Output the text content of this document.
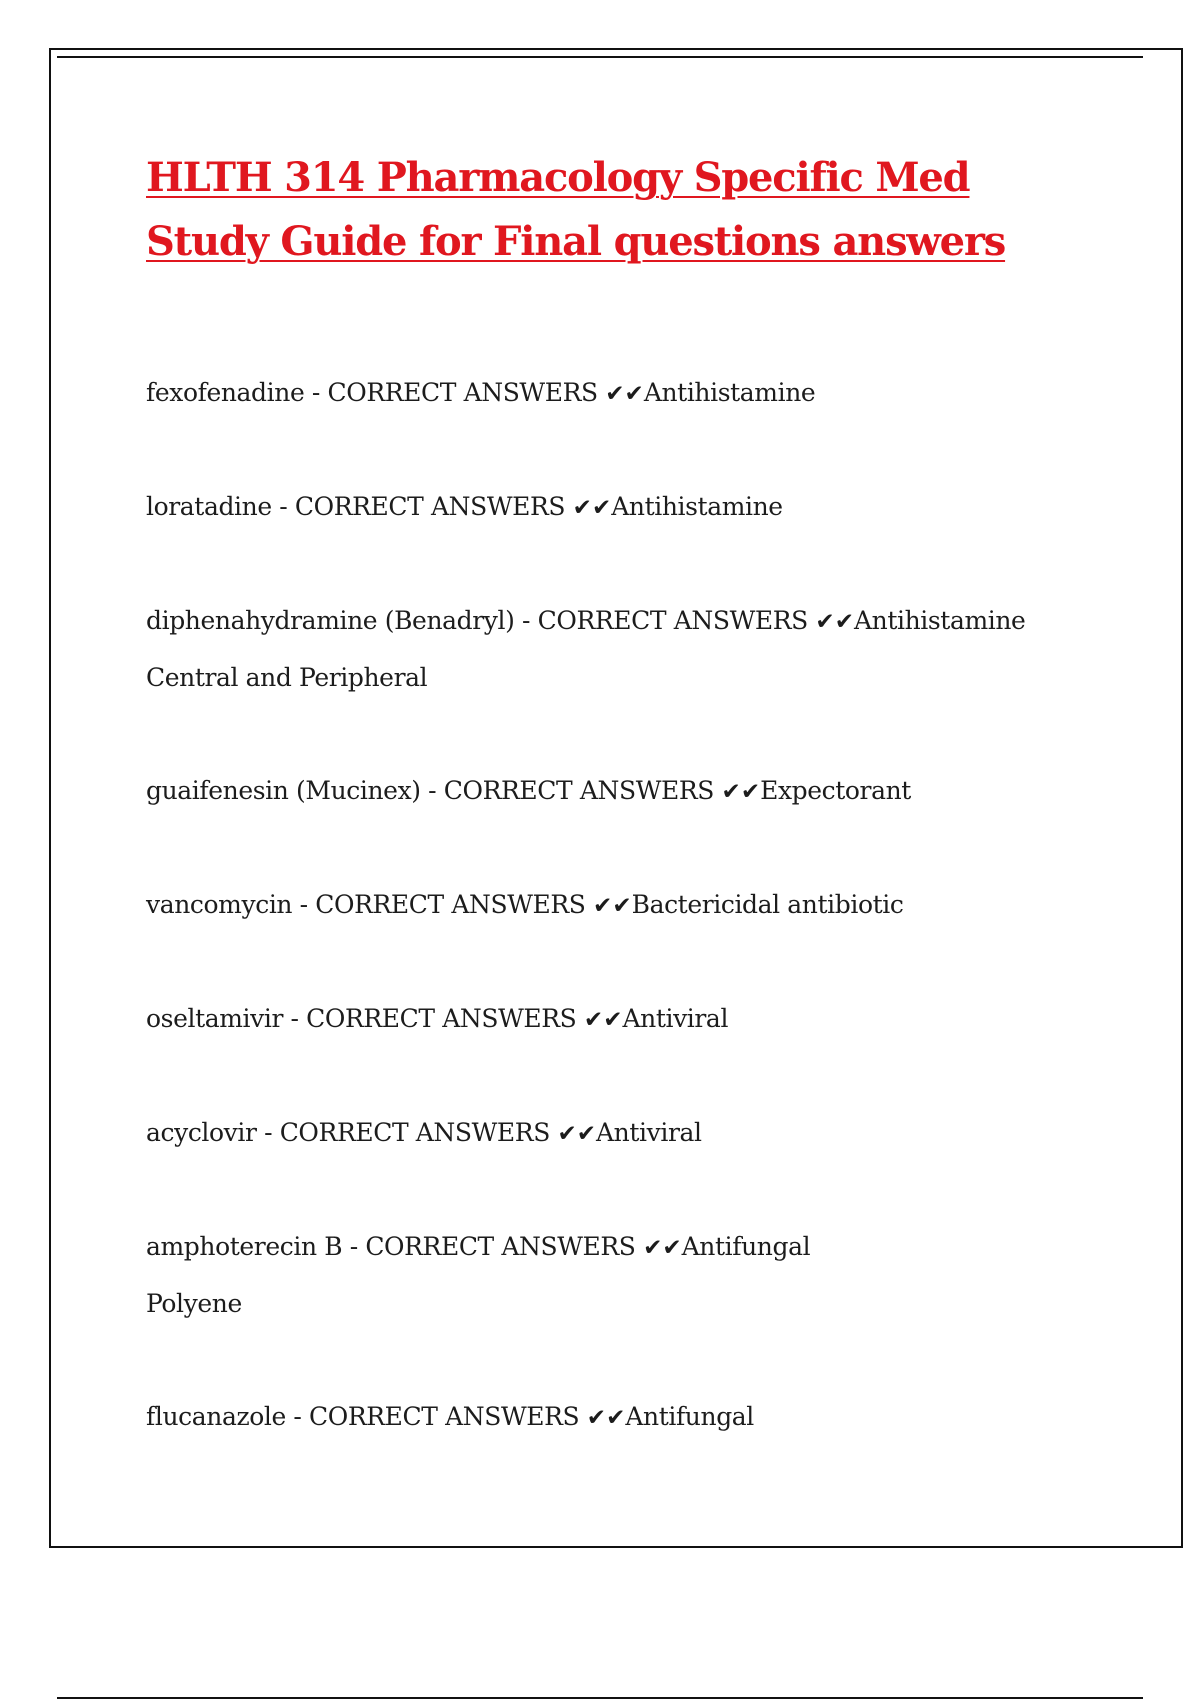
HLTH 314 Pharmacology Specific Med Study Guide for Final questions answers
fexofenadine - CORRECT ANSWERS ✔✔Antihistamine
loratadine - CORRECT ANSWERS ✔✔Antihistamine
diphenahydramine (Benadryl) - CORRECT ANSWERS ✔✔Antihistamine
Central and Peripheral
guaifenesin (Mucinex) - CORRECT ANSWERS ✔✔Expectorant
vancomycin - CORRECT ANSWERS ✔✔Bactericidal antibiotic
oseltamivir - CORRECT ANSWERS ✔✔Antiviral
acyclovir - CORRECT ANSWERS ✔✔Antiviral
amphoterecin B - CORRECT ANSWERS ✔✔Antifungal
Polyene
flucanazole - CORRECT ANSWERS ✔✔Antifungal
